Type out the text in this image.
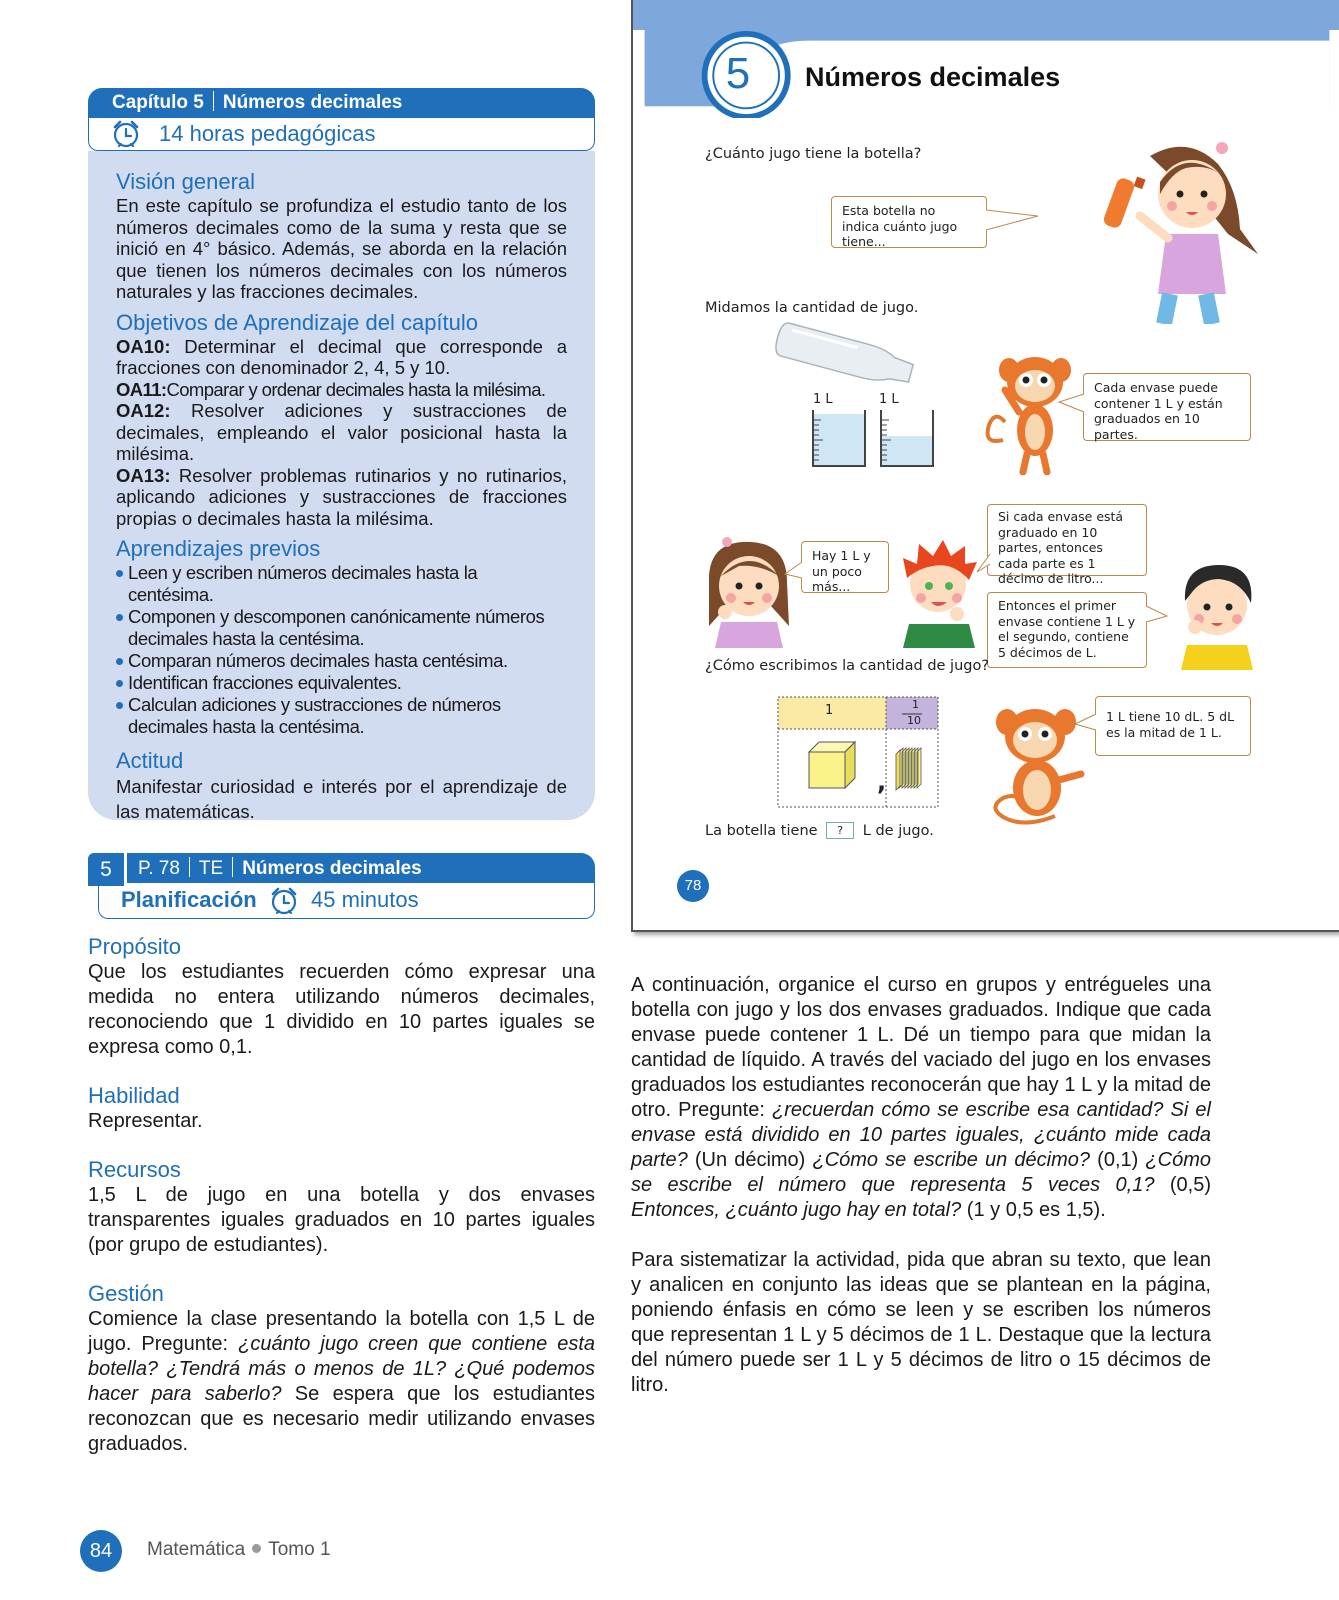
Capítulo 5 Números decimales
14 horas pedagógicas
Visión general

En este capítulo se profundiza el estudio tanto de los números decimales como de la suma y resta que se inició en 4° básico. Además, se aborda en la relación que tienen los números decimales con los números naturales y las fracciones decimales.

Objetivos de Aprendizaje del capítulo

OA10: Determinar el decimal que corresponde a fracciones con denominador 2, 4, 5 y 10.

OA11:Comparar y ordenar decimales hasta la milésima.

OA12: Resolver adiciones y sustracciones de decimales, empleando el valor posicional hasta la milésima.

OA13: Resolver problemas rutinarios y no rutinarios, aplicando adiciones y sustracciones de fracciones propias o decimales hasta la milésima.

Aprendizajes previos
Leen y escriben números decimales hasta la centésima.
Componen y descomponen canónicamente números decimales hasta la centésima.
Comparan números decimales hasta centésima.
Identifican fracciones equivalentes.
Calculan adiciones y sustracciones de números decimales hasta la centésima.
Actitud

Manifestar curiosidad e interés por el aprendizaje de las matemáticas.

5	P. 78 TE Números decimales
Planificación 45 minutos
Propósito

Que los estudiantes recuerden cómo expresar una medida no entera utilizando números decimales, reconociendo que 1 dividido en 10 partes iguales se expresa como 0,1.

Habilidad

Representar.

Recursos

1,5 L de jugo en una botella y dos envases transparentes iguales graduados en 10 partes iguales (por grupo de estudiantes).

Gestión

Comience la clase presentando la botella con 1,5 L de jugo. Pregunte: ¿cuánto jugo creen que contiene esta botella? ¿Tendrá más o menos de 1L? ¿Qué podemos hacer para saberlo? Se espera que los estudiantes reconozcan que es necesario medir utilizando envases graduados.

5	Números decimales
¿Cuánto jugo tiene la botella?
Esta botella no indica cuánto jugo tiene...
Midamos la cantidad de jugo.
1 L	1 L
Cada envase puede contener 1 L y están graduados en 10 partes.
Hay 1 L y un poco más...
Si cada envase está graduado en 10 partes, entonces cada parte es 1 décimo de litro...
Entonces el primer envase contiene 1 L y el segundo, contiene 5 décimos de L.
¿Cómo escribimos la cantidad de jugo?
1	1
10
,
1 L tiene 10 dL. 5 dL es la mitad de 1 L.
La botella tiene ? L de jugo.
78

A continuación, organice el curso en grupos y entrégueles una botella con jugo y los dos envases graduados. Indique que cada envase puede contener 1 L. Dé un tiempo para que midan la cantidad de líquido. A través del vaciado del jugo en los envases graduados los estudiantes reconocerán que hay 1 L y la mitad de otro. Pregunte: ¿recuerdan cómo se escribe esa cantidad? Si el envase está dividido en 10 partes iguales, ¿cuánto mide cada parte? (Un décimo) ¿Cómo se escribe un décimo? (0,1) ¿Cómo se escribe el número que representa 5 veces 0,1? (0,5) Entonces, ¿cuánto jugo hay en total? (1 y 0,5 es 1,5).

Para sistematizar la actividad, pida que abran su texto, que lean y analicen en conjunto las ideas que se plantean en la página, poniendo énfasis en cómo se leen y se escriben los números que representan 1 L y 5 décimos de 1 L. Destaque que la lectura del número puede ser 1 L y 5 décimos de litro o 15 décimos de litro.

84	Matemática Tomo 1
